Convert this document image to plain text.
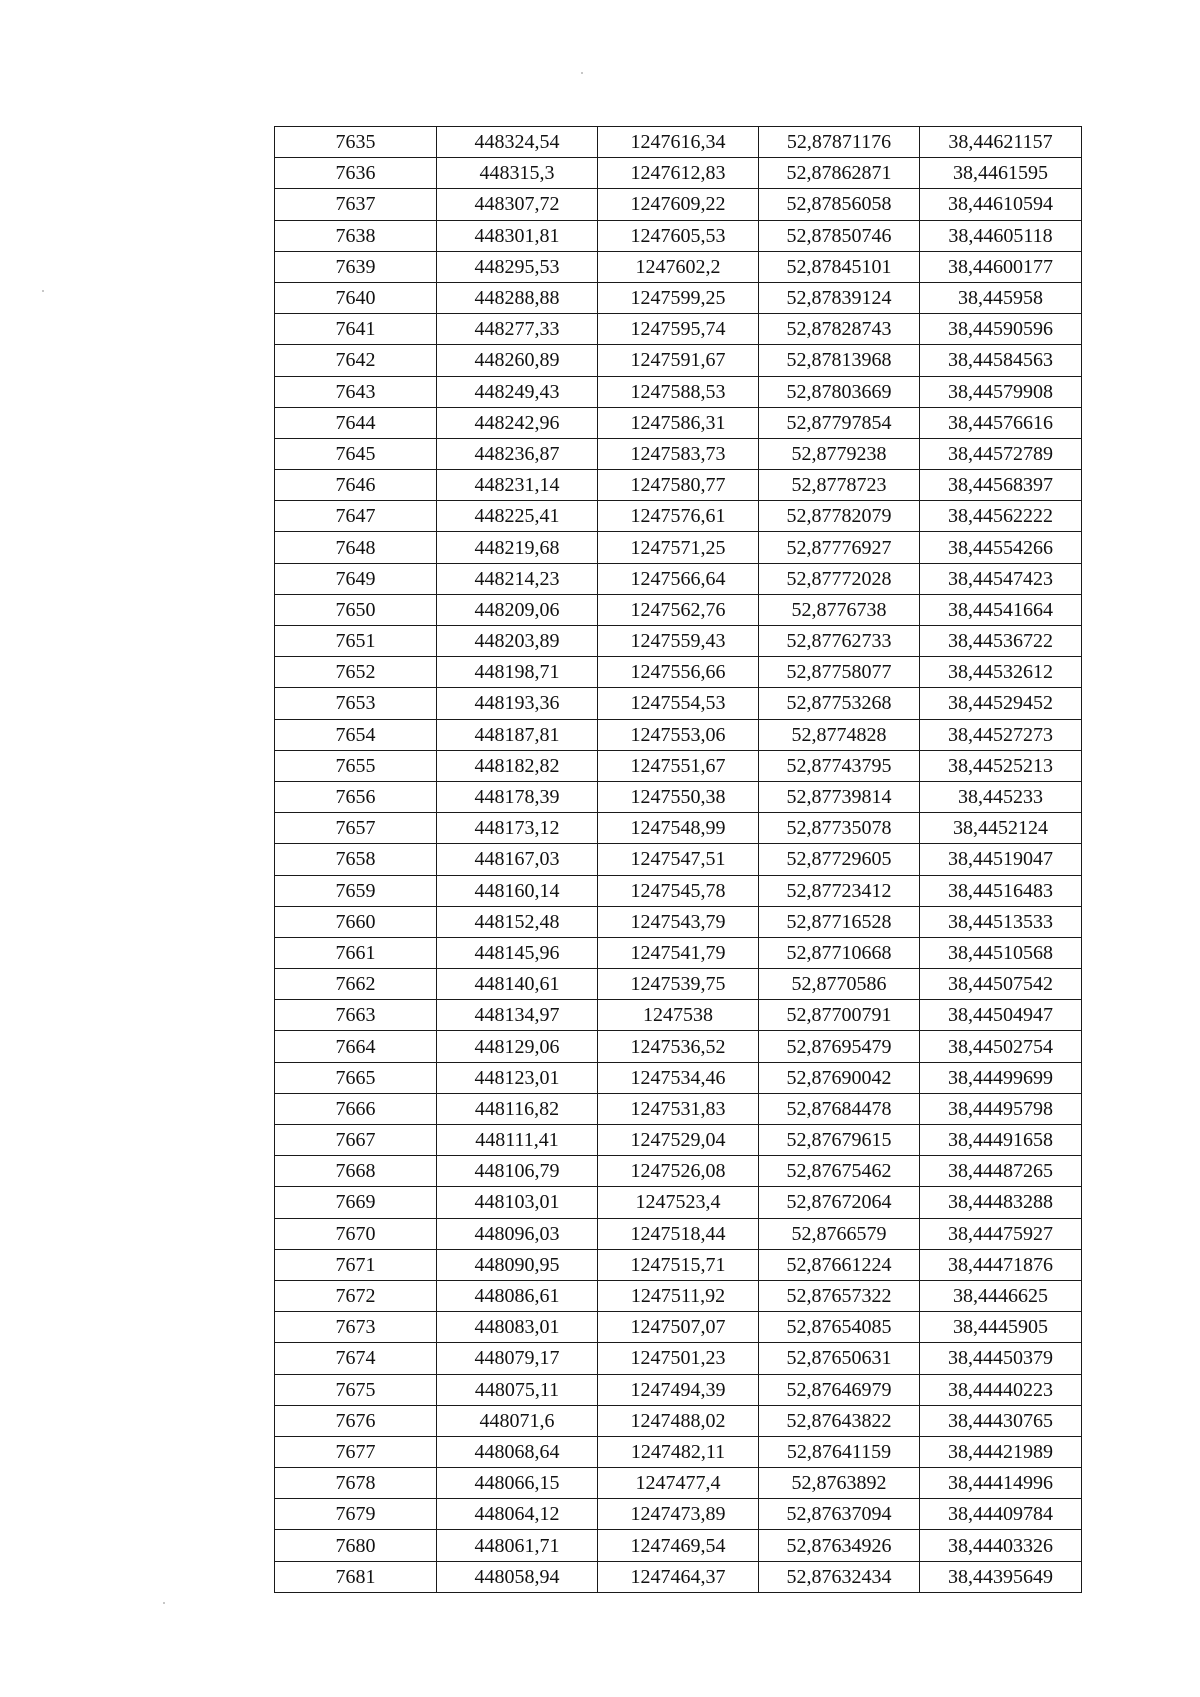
7635	448324,54	1247616,34	52,87871176	38,44621157
7636	448315,3	1247612,83	52,87862871	38,4461595
7637	448307,72	1247609,22	52,87856058	38,44610594
7638	448301,81	1247605,53	52,87850746	38,44605118
7639	448295,53	1247602,2	52,87845101	38,44600177
7640	448288,88	1247599,25	52,87839124	38,445958
7641	448277,33	1247595,74	52,87828743	38,44590596
7642	448260,89	1247591,67	52,87813968	38,44584563
7643	448249,43	1247588,53	52,87803669	38,44579908
7644	448242,96	1247586,31	52,87797854	38,44576616
7645	448236,87	1247583,73	52,8779238	38,44572789
7646	448231,14	1247580,77	52,8778723	38,44568397
7647	448225,41	1247576,61	52,87782079	38,44562222
7648	448219,68	1247571,25	52,87776927	38,44554266
7649	448214,23	1247566,64	52,87772028	38,44547423
7650	448209,06	1247562,76	52,8776738	38,44541664
7651	448203,89	1247559,43	52,87762733	38,44536722
7652	448198,71	1247556,66	52,87758077	38,44532612
7653	448193,36	1247554,53	52,87753268	38,44529452
7654	448187,81	1247553,06	52,8774828	38,44527273
7655	448182,82	1247551,67	52,87743795	38,44525213
7656	448178,39	1247550,38	52,87739814	38,445233
7657	448173,12	1247548,99	52,87735078	38,4452124
7658	448167,03	1247547,51	52,87729605	38,44519047
7659	448160,14	1247545,78	52,87723412	38,44516483
7660	448152,48	1247543,79	52,87716528	38,44513533
7661	448145,96	1247541,79	52,87710668	38,44510568
7662	448140,61	1247539,75	52,8770586	38,44507542
7663	448134,97	1247538	52,87700791	38,44504947
7664	448129,06	1247536,52	52,87695479	38,44502754
7665	448123,01	1247534,46	52,87690042	38,44499699
7666	448116,82	1247531,83	52,87684478	38,44495798
7667	448111,41	1247529,04	52,87679615	38,44491658
7668	448106,79	1247526,08	52,87675462	38,44487265
7669	448103,01	1247523,4	52,87672064	38,44483288
7670	448096,03	1247518,44	52,8766579	38,44475927
7671	448090,95	1247515,71	52,87661224	38,44471876
7672	448086,61	1247511,92	52,87657322	38,4446625
7673	448083,01	1247507,07	52,87654085	38,4445905
7674	448079,17	1247501,23	52,87650631	38,44450379
7675	448075,11	1247494,39	52,87646979	38,44440223
7676	448071,6	1247488,02	52,87643822	38,44430765
7677	448068,64	1247482,11	52,87641159	38,44421989
7678	448066,15	1247477,4	52,8763892	38,44414996
7679	448064,12	1247473,89	52,87637094	38,44409784
7680	448061,71	1247469,54	52,87634926	38,44403326
7681	448058,94	1247464,37	52,87632434	38,44395649
